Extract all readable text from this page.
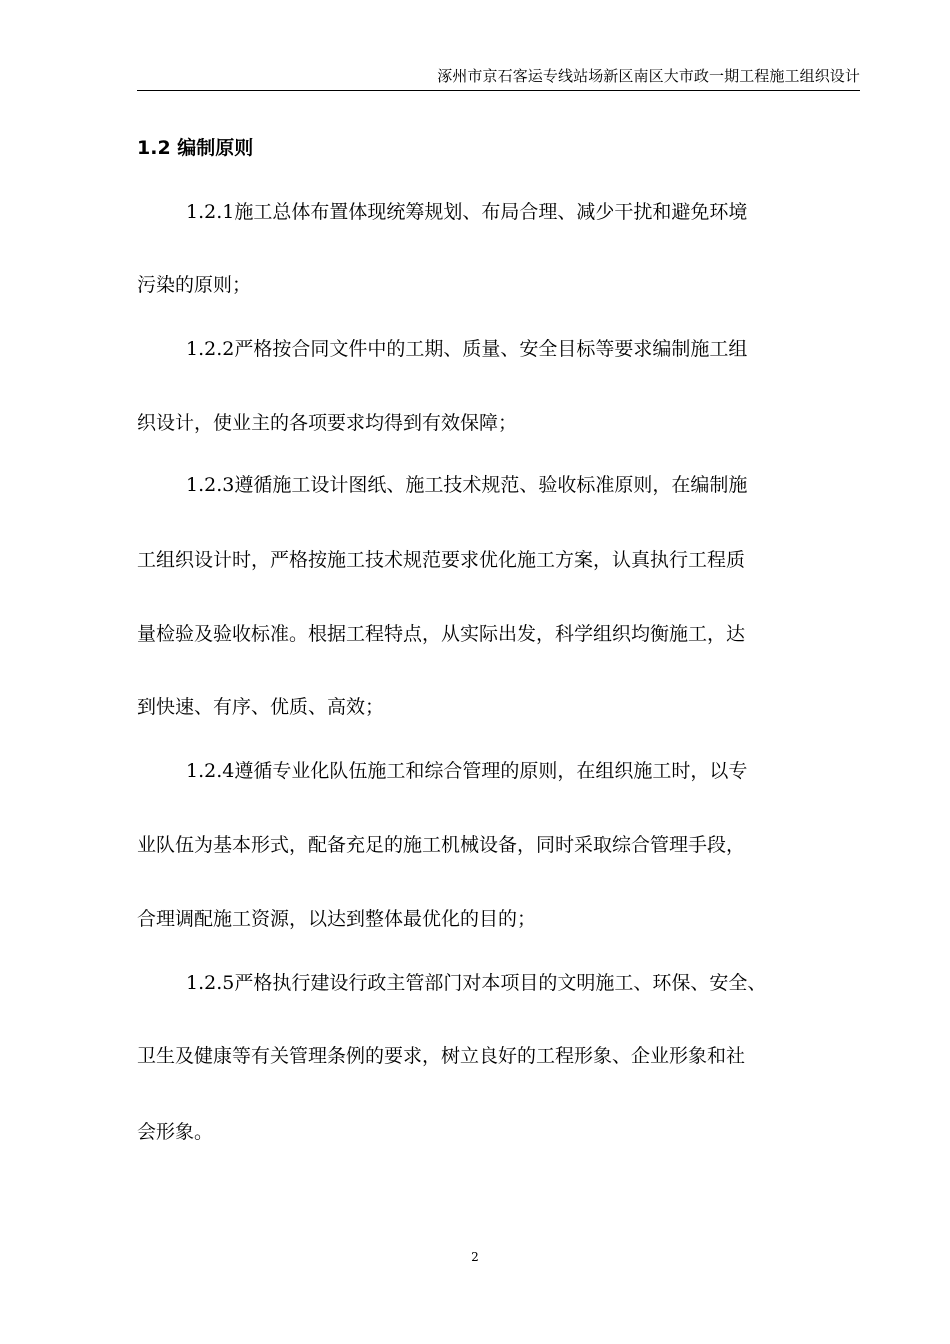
涿州市京石客运专线站场新区南区大市政一期工程施工组织设计
1.2 编制原则
1.2.1施工总体布置体现统筹规划、布局合理、减少干扰和避免环境
污染的原则；
1.2.2严格按合同文件中的工期、质量、安全目标等要求编制施工组
织设计，使业主的各项要求均得到有效保障；
1.2.3遵循施工设计图纸、施工技术规范、验收标准原则，在编制施
工组织设计时，严格按施工技术规范要求优化施工方案，认真执行工程质
量检验及验收标准。根据工程特点，从实际出发，科学组织均衡施工，达
到快速、有序、优质、高效；
1.2.4遵循专业化队伍施工和综合管理的原则，在组织施工时，以专
业队伍为基本形式，配备充足的施工机械设备，同时采取综合管理手段，
合理调配施工资源，以达到整体最优化的目的；
1.2.5严格执行建设行政主管部门对本项目的文明施工、环保、安全、
卫生及健康等有关管理条例的要求，树立良好的工程形象、企业形象和社
会形象。
2
